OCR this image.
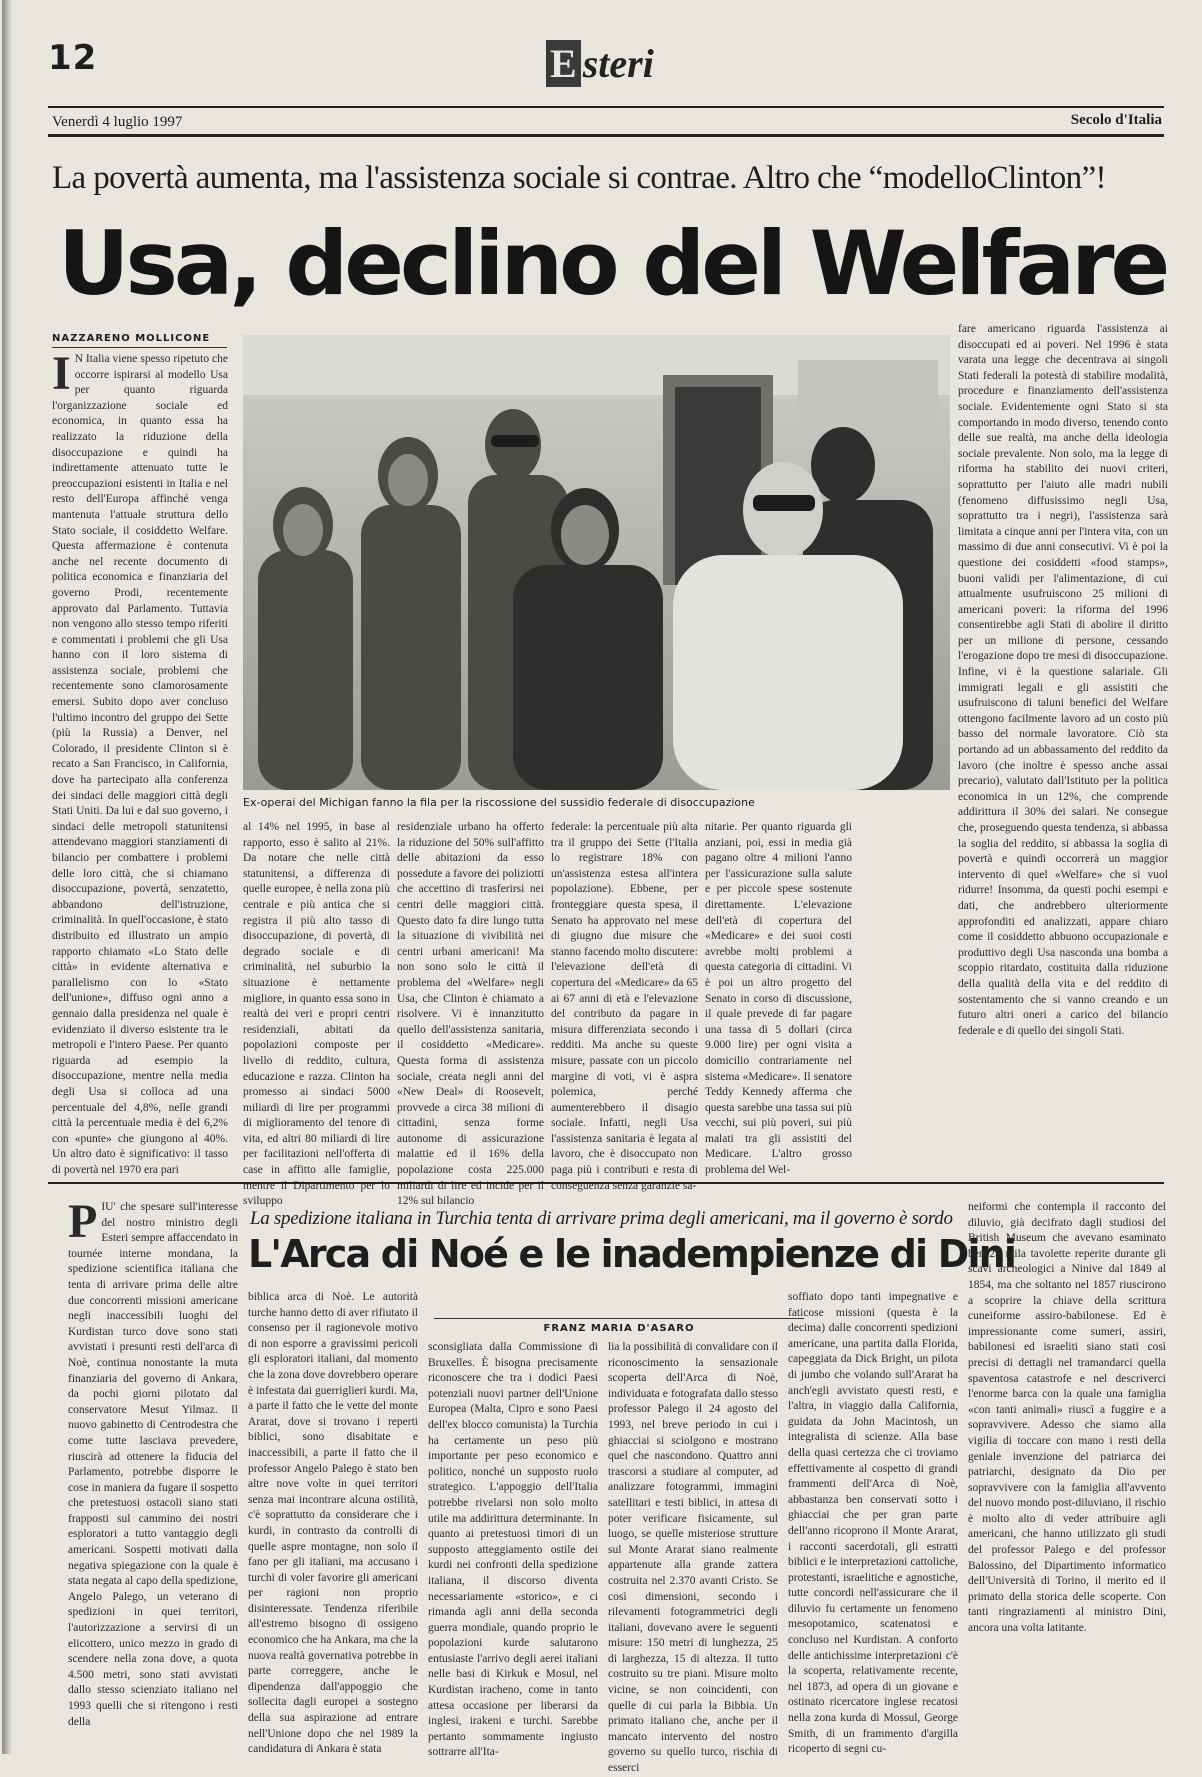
12	E steri
Venerdì 4 luglio 1997	Secolo d'Italia
La povertà aumenta, ma l'assistenza sociale si contrae. Altro che “modelloClinton”!
Usa, declino del Welfare
NAZZARENO MOLLICONE
I N Italia viene spesso ripetuto che occorre ispirarsi al modello Usa per quanto riguarda l'organizzazione sociale ed economica, in quanto essa ha realizzato la riduzione della disoccupazione e quindi ha indirettamente attenuato tutte le preoccupazioni esistenti in Italia e nel resto dell'Europa affinché venga mantenuta l'attuale struttura dello Stato sociale, il cosiddetto Welfare. Questa affermazione è contenuta anche nel recente documento di politica economica e finanziaria del governo Prodi, recentemente approvato dal Parlamento. Tuttavia non vengono allo stesso tempo riferiti e commentati i problemi che gli Usa hanno con il loro sistema di assistenza sociale, problemi che recentemente sono clamorosamente emersi. Subito dopo aver concluso l'ultimo incontro del gruppo dei Sette (più la Russia) a Denver, nel Colorado, il presidente Clinton si è recato a San Francisco, in California, dove ha partecipato alla conferenza dei sindaci delle maggiori città degli Stati Uniti. Da lui e dal suo governo, i sindaci delle metropoli statunitensi attendevano maggiori stanziamenti di bilancio per combattere i problemi delle loro città, che si chiamano disoccupazione, povertà, senzatetto, abbandono dell'istruzione, criminalità. In quell'occasione, è stato distribuito ed illustrato un ampio rapporto chiamato «Lo Stato delle città» in evidente alternativa e parallelismo con lo «Stato dell'unione», diffuso ogni anno a gennaio dalla presidenza nel quale è evidenziato il diverso esistente tra le metropoli e l'intero Paese. Per quanto riguarda ad esempio la disoccupazione, mentre nella media degli Usa si colloca ad una percentuale del 4,8%, nelle grandi città la percentuale media è del 6,2% con «punte» che giungono al 40%. Un altro dato è significativo: il tasso di povertà nel 1970 era pari
Ex-operai del Michigan fanno la fila per la riscossione del sussidio federale di disoccupazione
al 14% nel 1995, in base al rapporto, esso è salito al 21%. Da notare che nelle città statunitensi, a differenza di quelle europee, è nella zona più centrale e più antica che si registra il più alto tasso di disoccupazione, di povertà, di degrado sociale e di criminalità, nel suburbio la situazione è nettamente migliore, in quanto essa sono in realtà dei veri e propri centri residenziali, abitati da popolazioni composte per livello di reddito, cultura, educazione e razza. Clinton ha promesso ai sindaci 5000 miliardi di lire per programmi di miglioramento del tenore di vita, ed altri 80 miliardi di lire per facilitazioni nell'offerta di case in affitto alle famiglie, mentre il Dipartimento per lo sviluppo
residenziale urbano ha offerto la riduzione del 50% sull'affitto delle abitazioni da esso possedute a favore dei poliziotti che accettino di trasferirsi nei centri delle maggiori città. Questo dato fa dire lungo tutta la situazione di vivibilità nei centri urbani americani! Ma non sono solo le città il problema del «Welfare» negli Usa, che Clinton è chiamato a risolvere. Vi è innanzitutto quello dell'assistenza sanitaria, il cosiddetto «Medicare». Questa forma di assistenza sociale, creata negli anni del «New Deal» di Roosevelt, provvede a circa 38 milioni di cittadini, senza forme autonome di assicurazione malattie ed il 16% della popolazione costa 225.000 miliardi di lire ed incide per il 12% sul bilancio
federale: la percentuale più alta tra il gruppo dei Sette (l'Italia lo registrare 18% con un'assistenza estesa all'intera popolazione). Ebbene, per fronteggiare questa spesa, il Senato ha approvato nel mese di giugno due misure che stanno facendo molto discutere: l'elevazione dell'età di copertura del «Medicare» da 65 ai 67 anni di età e l'elevazione del contributo da pagare in misura differenziata secondo i redditi. Ma anche su queste misure, passate con un piccolo margine di voti, vi è aspra polemica, perché aumenterebbero il disagio sociale. Infatti, negli Usa l'assistenza sanitaria è legata al lavoro, che è disoccupato non paga più i contributi e resta di conseguenza senza garanzie sa-
nitarie. Per quanto riguarda gli anziani, poi, essi in media già pagano oltre 4 milioni l'anno per l'assicurazione sulla salute e per piccole spese sostenute direttamente. L'elevazione dell'età di copertura del «Medicare» e dei suoi costi avrebbe molti problemi a questa categoria di cittadini. Vi è poi un altro progetto del Senato in corso di discussione, il quale prevede di far pagare una tassa di 5 dollari (circa 9.000 lire) per ogni visita a domicilio contrariamente nel sistema «Medicare». Il senatore Teddy Kennedy afferma che questa sarebbe una tassa sui più vecchi, sui più poveri, sui più malati tra gli assistiti del Medicare. L'altro grosso problema del Wel-
fare americano riguarda l'assistenza ai disoccupati ed ai poveri. Nel 1996 è stata varata una legge che decentrava ai singoli Stati federali la potestà di stabilire modalità, procedure e finanziamento dell'assistenza sociale. Evidentemente ogni Stato si sta comportando in modo diverso, tenendo conto delle sue realtà, ma anche della ideologia sociale prevalente. Non solo, ma la legge di riforma ha stabilito dei nuovi criteri, soprattutto per l'aiuto alle madri nubili (fenomeno diffusissimo negli Usa, soprattutto tra i negri), l'assistenza sarà limitata a cinque anni per l'intera vita, con un massimo di due anni consecutivi. Vi è poi la questione dei cosiddetti «food stamps», buoni validi per l'alimentazione, di cui attualmente usufruiscono 25 milioni di americani poveri: la riforma del 1996 consentirebbe agli Stati di abolire il diritto per un milione di persone, cessando l'erogazione dopo tre mesi di disoccupazione. Infine, vi è la questione salariale. Gli immigrati legali e gli assistiti che usufruiscono di taluni benefici del Welfare ottengono facilmente lavoro ad un costo più basso del normale lavoratore. Ciò sta portando ad un abbassamento del reddito da lavoro (che inoltre è spesso anche assai precario), valutato dall'Istituto per la politica economica in un 12%, che comprende addirittura il 30% dei salari. Ne consegue che, proseguendo questa tendenza, si abbassa la soglia del reddito, si abbassa la soglia di povertà e quindi occorrerà un maggior intervento di quel «Welfare» che si vuol ridurre! Insomma, da questi pochi esempi e dati, che andrebbero ulteriormente approfonditi ed analizzati, appare chiaro come il cosiddetto abbuono occupazionale e produttivo degli Usa nasconda una bomba a scoppio ritardato, costituita dalla riduzione della qualità della vita e del reddito di sostentamento che si vanno creando e un futuro altri oneri a carico del bilancio federale e di quello dei singoli Stati.
La spedizione italiana in Turchia tenta di arrivare prima degli americani, ma il governo è sordo
L'Arca di Noé e le inadempienze di Dini
FRANZ MARIA D'ASARO
PIU' che spesare sull'interesse del nostro ministro degli Esteri sempre affaccendato in tournée interne mondana, la spedizione scientifica italiana che tenta di arrivare prima delle altre due concorrenti missioni americane negli inaccessibili luoghi del Kurdistan turco dove sono stati avvistati i presunti resti dell'arca di Noè, continua nonostante la muta finanziaria del governo di Ankara, da pochi giorni pilotato dal conservatore Mesut Yilmaz. Il nuovo gabinetto di Centrodestra che come tutte lasciava prevedere, riuscirà ad ottenere la fiducia del Parlamento, potrebbe disporre le cose in maniera da fugare il sospetto che pretestuosi ostacoli siano stati frapposti sul cammino dei nostri esploratori a tutto vantaggio degli americani. Sospetti motivati dalla negativa spiegazione con la quale è stata negata al capo della spedizione, Angelo Palego, un veterano di spedizioni in quei territori, l'autorizzazione a servirsi di un elicottero, unico mezzo in grado di scendere nella zona dove, a quota 4.500 metri, sono stati avvistati dallo stesso scienziato italiano nel 1993 quelli che si ritengono i resti della
biblica arca di Noè. Le autorità turche hanno detto di aver rifiutato il consenso per il ragionevole motivo di non esporre a gravissimi pericoli gli esploratori italiani, dal momento che la zona dove dovrebbero operare è infestata dai guerriglieri kurdi. Ma, a parte il fatto che le vette del monte Ararat, dove si trovano i reperti biblici, sono disabitate e inaccessibili, a parte il fatto che il professor Angelo Palego è stato ben altre nove volte in quei territori senza mai incontrare alcuna ostilità, c'è soprattutto da considerare che i kurdi, in contrasto da controlli di quelle aspre montagne, non solo il fano per gli italiani, ma accusano i turchi di voler favorire gli americani per ragioni non proprio disinteressate. Tendenza riferibile all'estremo bisogno di ossigeno economico che ha Ankara, ma che la nuova realtà governativa potrebbe in parte correggere, anche le dipendenza dall'appoggio che sollecita dagli europei a sostegno della sua aspirazione ad entrare nell'Unione dopo che nel 1989 la candidatura di Ankara è stata
sconsigliata dalla Commissione di Bruxelles. È bisogna precisamente riconoscere che tra i dodici Paesi potenziali nuovi partner dell'Unione Europea (Malta, Cipro e sono Paesi dell'ex blocco comunista) la Turchia ha certamente un peso più importante per peso economico e politico, nonché un supposto ruolo strategico. L'appoggio dell'Italia potrebbe rivelarsi non solo molto utile ma addirittura determinante. In quanto ai pretestuosi timori di un supposto atteggiamento ostile dei kurdi nei confronti della spedizione italiana, il discorso diventa necessariamente «storico», e ci rimanda agli anni della seconda guerra mondiale, quando proprio le popolazioni kurde salutarono entusiaste l'arrivo degli aerei italiani nelle basi di Kirkuk e Mosul, nel Kurdistan iracheno, come in tanto attesa occasione per liberarsi da inglesi, irakeni e turchi. Sarebbe pertanto sommamente ingiusto sottrarre all'Ita-
lia la possibilità di convalidare con il riconoscimento la sensazionale scoperta dell'Arca di Noè, individuata e fotografata dallo stesso professor Palego il 24 agosto del 1993, nel breve periodo in cui i ghiacciai si sciolgono e mostrano quel che nascondono. Quattro anni trascorsi a studiare al computer, ad analizzare fotogrammi, immagini satellitari e testi biblici, in attesa di poter verificare fisicamente, sul luogo, se quelle misteriose strutture sul Monte Ararat siano realmente appartenute alla grande zattera costruita nel 2.370 avanti Cristo. Se così dimensioni, secondo i rilevamenti fotogrammetrici degli italiani, dovevano avere le seguenti misure: 150 metri di lunghezza, 25 di larghezza, 15 di altezza. Il tutto costruito su tre piani. Misure molto vicine, se non coincidenti, con quelle di cui parla la Bibbia. Un primato italiano che, anche per il mancato intervento del nostro governo su quello turco, rischia di esserci
soffiato dopo tanti impegnative e faticose missioni (questa è la decima) dalle concorrenti spedizioni americane, una partita dalla Florida, capeggiata da Dick Bright, un pilota di jumbo che volando sull'Ararat ha anch'egli avvistato questi resti, e l'altra, in viaggio dalla California, guidata da John Macintosh, un integralista di scienze. Alla base della quasi certezza che ci troviamo effettivamente al cospetto di grandi frammenti dell'Arca di Noè, abbastanza ben conservati sotto i ghiacciai che per gran parte dell'anno ricoprono il Monte Ararat, i racconti sacerdotali, gli estratti biblici e le interpretazioni cattoliche, protestanti, israelitiche e agnostiche, tutte concordi nell'assicurare che il diluvio fu certamente un fenomeno mesopotamico, scatenatosi e concluso nel Kurdistan. A conforto delle antichissime interpretazioni c'è la scoperta, relativamente recente, nel 1873, ad opera di un giovane e ostinato ricercatore inglese recatosi nella zona kurda di Mossul, George Smith, di un frammento d'argilla ricoperto di segni cu-
neiformi che contempla il racconto del diluvio, già decifrato dagli studiosi del British Museum che avevano esaminato ben 25 mila tavolette reperite durante gli scavi archeologici a Ninive dal 1849 al 1854, ma che soltanto nel 1857 riuscirono a scoprire la chiave della scrittura cuneiforme assiro-babilonese. Ed è impressionante come sumeri, assiri, babilonesi ed israeliti siano stati così precisi di dettagli nel tramandarci quella spaventosa catastrofe e nel descriverci l'enorme barca con la quale una famiglia «con tanti animali» riuscì a fuggire e a sopravvivere. Adesso che siamo alla vigilia di toccare con mano i resti della geniale invenzione del patriarca dei patriarchi, designato da Dio per sopravvivere con la famiglia all'avvento del nuovo mondo post-diluviano, il rischio è molto alto di veder attribuire agli americani, che hanno utilizzato gli studi del professor Palego e del professor Balossino, del Dipartimento informatico dell'Università di Torino, il merito ed il primato della storica delle scoperte. Con tanti ringraziamenti al ministro Dini, ancora una volta latitante.
